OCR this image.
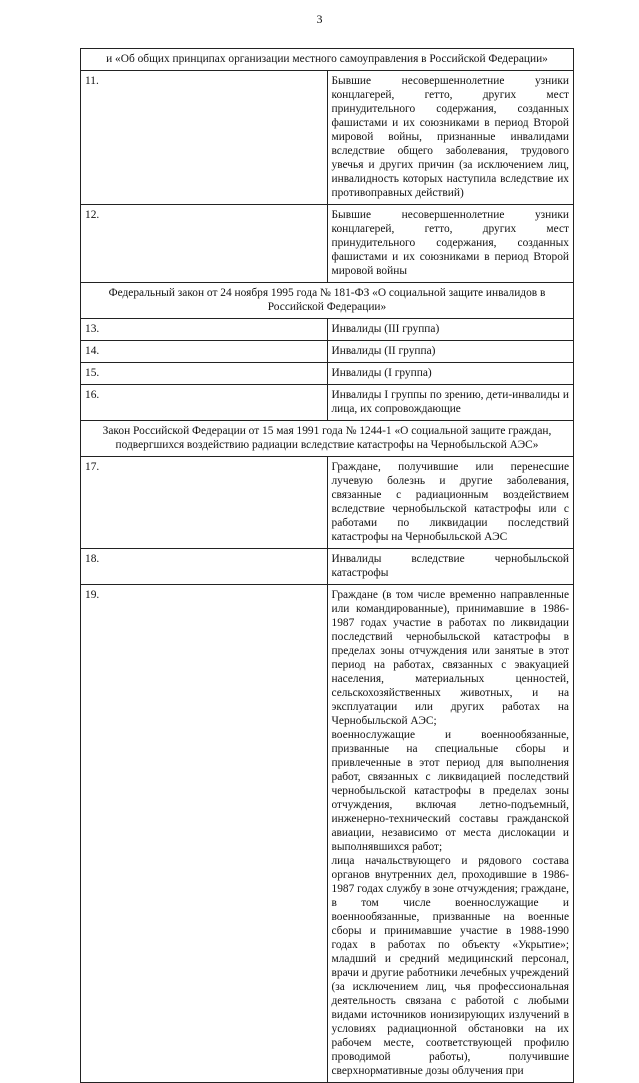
3
и «Об общих принципах организации местного самоуправления в Российской Федерации»	
11.	Бывшие несовершеннолетние узники концлагерей, гетто, других мест принудительного содержания, созданных фашистами и их союзниками в период Второй мировой войны, признанные инвалидами вследствие общего заболевания, трудового увечья и других причин (за исключением лиц, инвалидность которых наступила вследствие их противоправных действий)
12.	Бывшие несовершеннолетние узники концлагерей, гетто, других мест принудительного содержания, созданных фашистами и их союзниками в период Второй мировой войны
Федеральный закон от 24 ноября 1995 года № 181-ФЗ «О социальной защите инвалидов в Российской Федерации»	
13.	Инвалиды (III группа)
14.	Инвалиды (II группа)
15.	Инвалиды (I группа)
16.	Инвалиды I группы по зрению, дети-инвалиды и лица, их сопровождающие
Закон Российской Федерации от 15 мая 1991 года № 1244-1 «О социальной защите граждан, подвергшихся воздействию радиации вследствие катастрофы на Чернобыльской АЭС»	
17.	Граждане, получившие или перенесшие лучевую болезнь и другие заболевания, связанные с радиационным воздействием вследствие чернобыльской катастрофы или с работами по ликвидации последствий катастрофы на Чернобыльской АЭС
18.	Инвалиды вследствие чернобыльской катастрофы
19.	Граждане (в том числе временно направленные или командированные), принимавшие в 1986-1987 годах участие в работах по ликвидации последствий чернобыльской катастрофы в пределах зоны отчуждения или занятые в этот период на работах, связанных с эвакуацией населения, материальных ценностей, сельскохозяйственных животных, и на эксплуатации или других работах на Чернобыльской АЭС;
военнослужащие и военнообязанные, призванные на специальные сборы и привлеченные в этот период для выполнения работ, связанных с ликвидацией последствий чернобыльской катастрофы в пределах зоны отчуждения, включая летно-подъемный, инженерно-технический составы гражданской авиации, независимо от места дислокации и выполнявшихся работ;
лица начальствующего и рядового состава органов внутренних дел, проходившие в 1986-1987 годах службу в зоне отчуждения; граждане, в том числе военнослужащие и военнообязанные, призванные на военные сборы и принимавшие участие в 1988-1990 годах в работах по объекту «Укрытие»; младший и средний медицинский персонал, врачи и другие работники лечебных учреждений (за исключением лиц, чья профессиональная деятельность связана с работой с любыми видами источников ионизирующих излучений в условиях радиационной обстановки на их рабочем месте, соответствующей профилю проводимой работы), получившие сверхнормативные дозы облучения при
